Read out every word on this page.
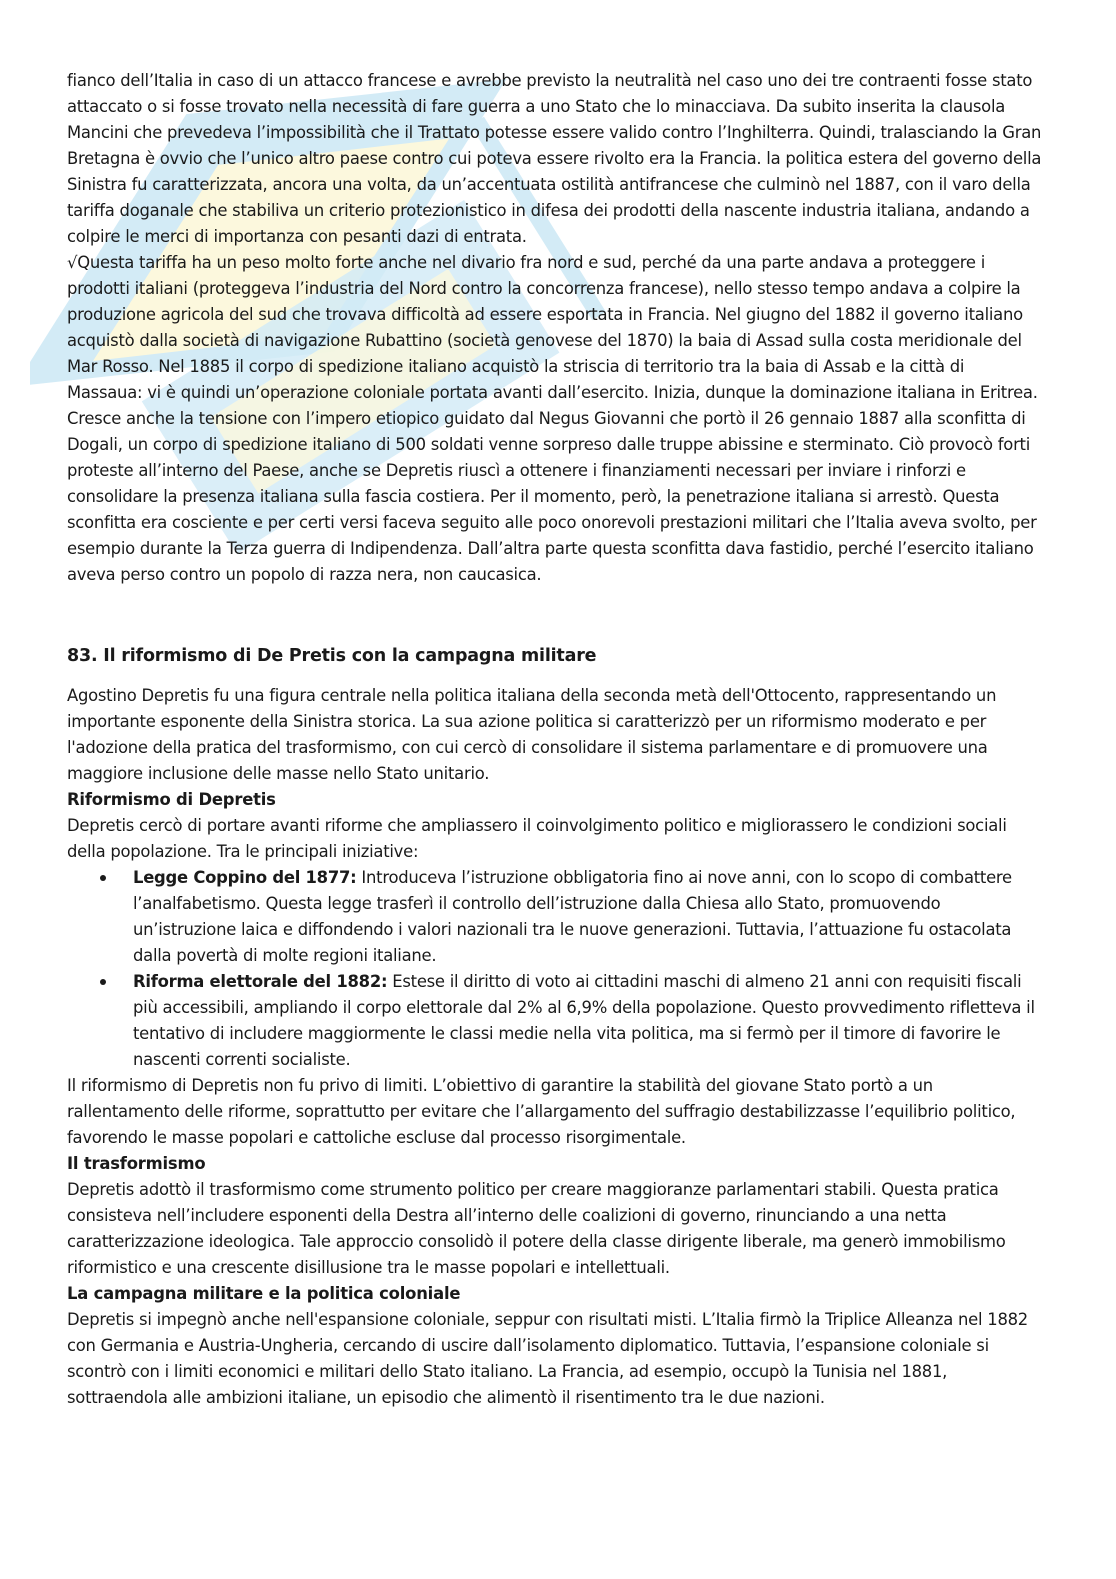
fianco dell’Italia in caso di un attacco francese e avrebbe previsto la neutralità nel caso uno dei tre contraenti fosse stato attaccato o si fosse trovato nella necessità di fare guerra a uno Stato che lo minacciava. Da subito inserita la clausola Mancini che prevedeva l’impossibilità che il Trattato potesse essere valido contro l’Inghilterra. Quindi, tralasciando la Gran Bretagna è ovvio che l’unico altro paese contro cui poteva essere rivolto era la Francia. la politica estera del governo della Sinistra fu caratterizzata, ancora una volta, da un’accentuata ostilità antifrancese che culminò nel 1887, con il varo della tariffa doganale che stabiliva un criterio protezionistico in difesa dei prodotti della nascente industria italiana, andando a colpire le merci di importanza con pesanti dazi di entrata.

√Questa tariffa ha un peso molto forte anche nel divario fra nord e sud, perché da una parte andava a proteggere i prodotti italiani (proteggeva l’industria del Nord contro la concorrenza francese), nello stesso tempo andava a colpire la produzione agricola del sud che trovava difficoltà ad essere esportata in Francia. Nel giugno del 1882 il governo italiano acquistò dalla società di navigazione Rubattino (società genovese del 1870) la baia di Assad sulla costa meridionale del Mar Rosso. Nel 1885 il corpo di spedizione italiano acquistò la striscia di territorio tra la baia di Assab e la città di Massaua: vi è quindi un’operazione coloniale portata avanti dall’esercito. Inizia, dunque la dominazione italiana in Eritrea. Cresce anche la tensione con l’impero etiopico guidato dal Negus Giovanni che portò il 26 gennaio 1887 alla sconfitta di Dogali, un corpo di spedizione italiano di 500 soldati venne sorpreso dalle truppe abissine e sterminato. Ciò provocò forti proteste all’interno del Paese, anche se Depretis riuscì a ottenere i finanziamenti necessari per inviare i rinforzi e consolidare la presenza italiana sulla fascia costiera. Per il momento, però, la penetrazione italiana si arrestò. Questa sconfitta era cosciente e per certi versi faceva seguito alle poco onorevoli prestazioni militari che l’Italia aveva svolto, per esempio durante la Terza guerra di Indipendenza. Dall’altra parte questa sconfitta dava fastidio, perché l’esercito italiano aveva perso contro un popolo di razza nera, non caucasica.

83. Il riformismo di De Pretis con la campagna militare

Agostino Depretis fu una figura centrale nella politica italiana della seconda metà dell'Ottocento, rappresentando un importante esponente della Sinistra storica. La sua azione politica si caratterizzò per un riformismo moderato e per l'adozione della pratica del trasformismo, con cui cercò di consolidare il sistema parlamentare e di promuovere una maggiore inclusione delle masse nello Stato unitario.

Riformismo di Depretis

Depretis cercò di portare avanti riforme che ampliassero il coinvolgimento politico e migliorassero le condizioni sociali della popolazione. Tra le principali iniziative:

Legge Coppino del 1877: Introduceva l’istruzione obbligatoria fino ai nove anni, con lo scopo di combattere l’analfabetismo. Questa legge trasferì il controllo dell’istruzione dalla Chiesa allo Stato, promuovendo un’istruzione laica e diffondendo i valori nazionali tra le nuove generazioni. Tuttavia, l’attuazione fu ostacolata dalla povertà di molte regioni italiane.
Riforma elettorale del 1882: Estese il diritto di voto ai cittadini maschi di almeno 21 anni con requisiti fiscali più accessibili, ampliando il corpo elettorale dal 2% al 6,9% della popolazione. Questo provvedimento rifletteva il tentativo di includere maggiormente le classi medie nella vita politica, ma si fermò per il timore di favorire le nascenti correnti socialiste.

Il riformismo di Depretis non fu privo di limiti. L’obiettivo di garantire la stabilità del giovane Stato portò a un rallentamento delle riforme, soprattutto per evitare che l’allargamento del suffragio destabilizzasse l’equilibrio politico, favorendo le masse popolari e cattoliche escluse dal processo risorgimentale.

Il trasformismo

Depretis adottò il trasformismo come strumento politico per creare maggioranze parlamentari stabili. Questa pratica consisteva nell’includere esponenti della Destra all’interno delle coalizioni di governo, rinunciando a una netta caratterizzazione ideologica. Tale approccio consolidò il potere della classe dirigente liberale, ma generò immobilismo riformistico e una crescente disillusione tra le masse popolari e intellettuali.

La campagna militare e la politica coloniale

Depretis si impegnò anche nell'espansione coloniale, seppur con risultati misti. L’Italia firmò la Triplice Alleanza nel 1882 con Germania e Austria-Ungheria, cercando di uscire dall’isolamento diplomatico. Tuttavia, l’espansione coloniale si scontrò con i limiti economici e militari dello Stato italiano. La Francia, ad esempio, occupò la Tunisia nel 1881, sottraendola alle ambizioni italiane, un episodio che alimentò il risentimento tra le due nazioni.
